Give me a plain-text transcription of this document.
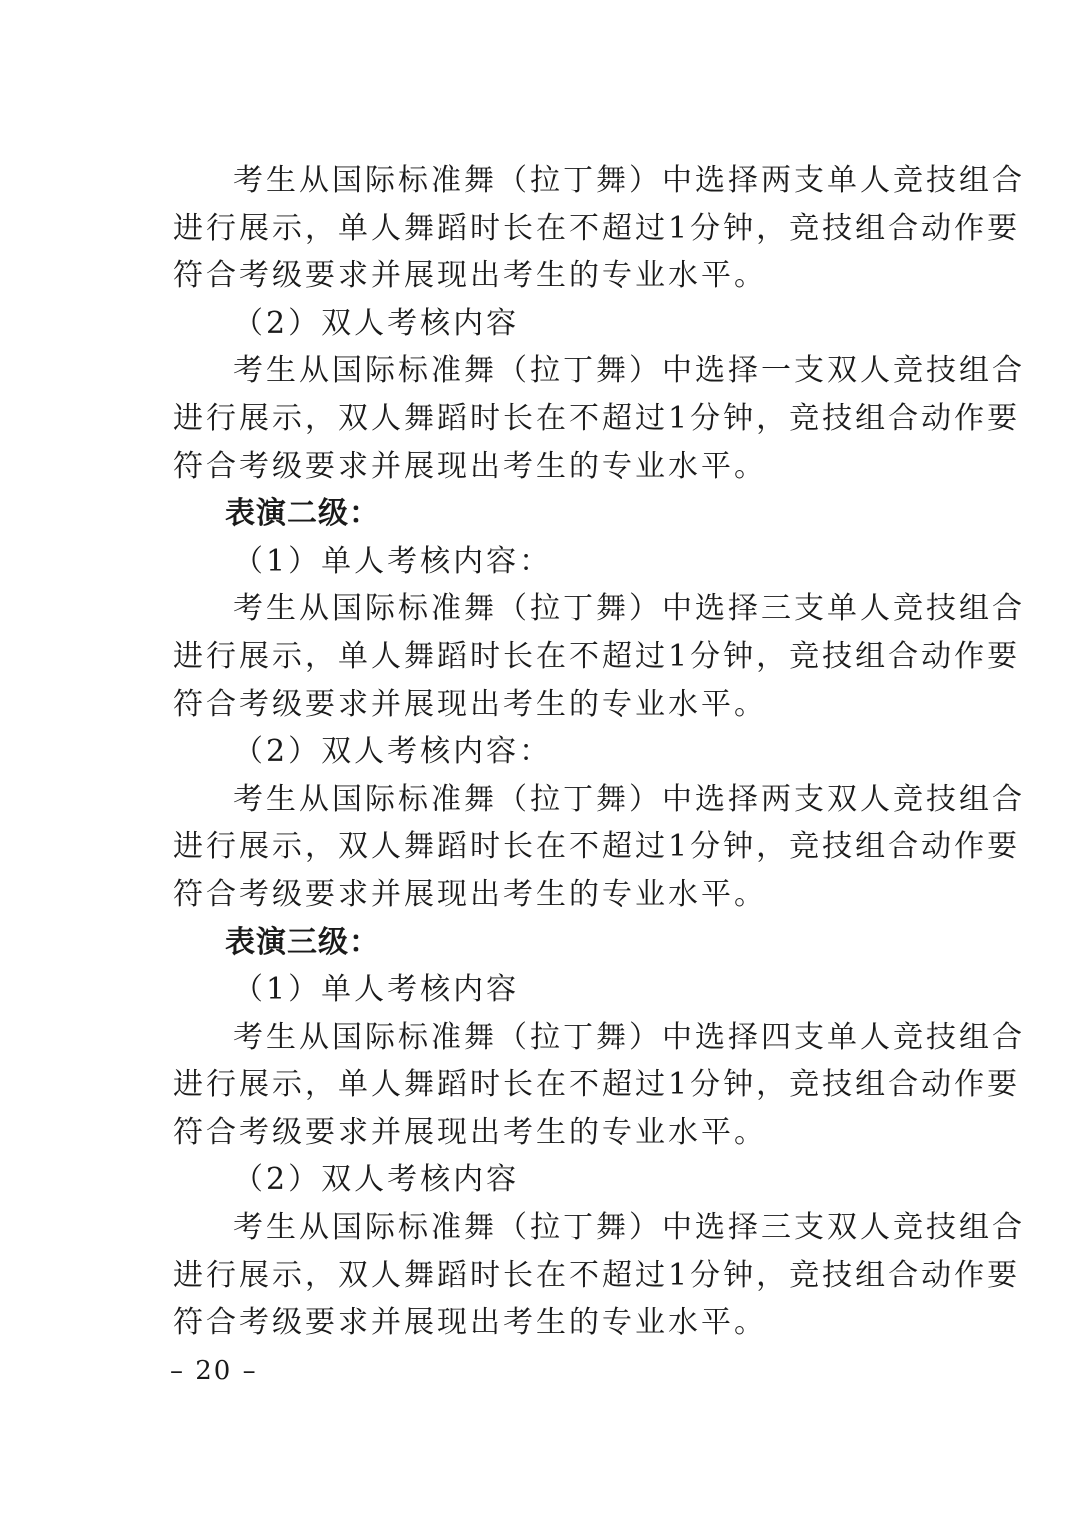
考生从国际标准舞（拉丁舞）中选择两支单人竞技组合

进行展示，单人舞蹈时长在不超过1分钟，竞技组合动作要

符合考级要求并展现出考生的专业水平。

（2）双人考核内容

考生从国际标准舞（拉丁舞）中选择一支双人竞技组合

进行展示，双人舞蹈时长在不超过1分钟，竞技组合动作要

符合考级要求并展现出考生的专业水平。

表演二级：

（1）单人考核内容：

考生从国际标准舞（拉丁舞）中选择三支单人竞技组合

进行展示，单人舞蹈时长在不超过1分钟，竞技组合动作要

符合考级要求并展现出考生的专业水平。

（2）双人考核内容：

考生从国际标准舞（拉丁舞）中选择两支双人竞技组合

进行展示，双人舞蹈时长在不超过1分钟，竞技组合动作要

符合考级要求并展现出考生的专业水平。

表演三级：

（1）单人考核内容

考生从国际标准舞（拉丁舞）中选择四支单人竞技组合

进行展示，单人舞蹈时长在不超过1分钟，竞技组合动作要

符合考级要求并展现出考生的专业水平。

（2）双人考核内容

考生从国际标准舞（拉丁舞）中选择三支双人竞技组合

进行展示，双人舞蹈时长在不超过1分钟，竞技组合动作要

符合考级要求并展现出考生的专业水平。

– 20 –
